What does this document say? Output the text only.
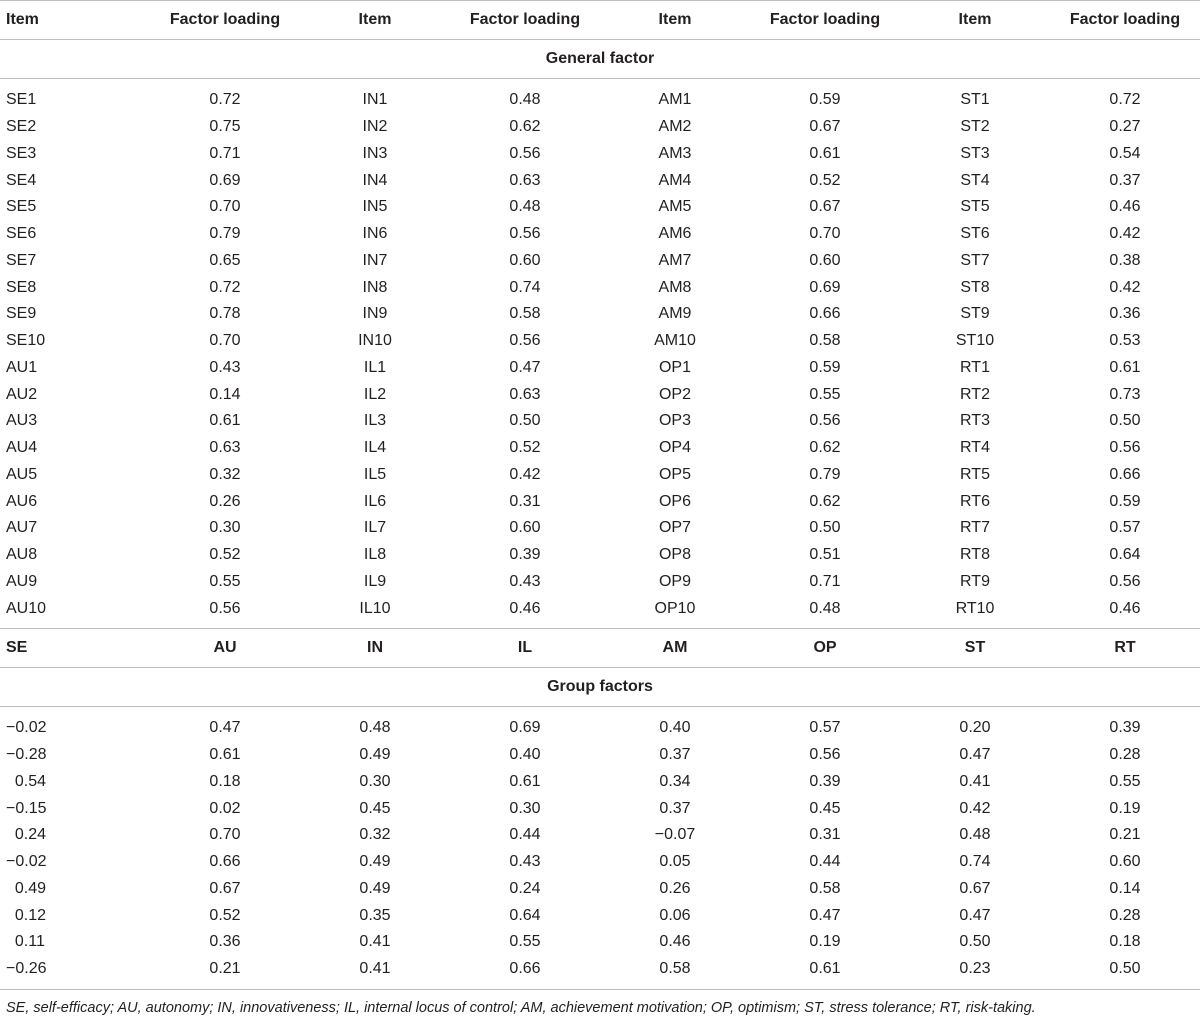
Item	Factor loading	Item	Factor loading	Item	Factor loading	Item	Factor loading
General factor
SE1	0.72	IN1	0.48	AM1	0.59	ST1	0.72
SE2	0.75	IN2	0.62	AM2	0.67	ST2	0.27
SE3	0.71	IN3	0.56	AM3	0.61	ST3	0.54
SE4	0.69	IN4	0.63	AM4	0.52	ST4	0.37
SE5	0.70	IN5	0.48	AM5	0.67	ST5	0.46
SE6	0.79	IN6	0.56	AM6	0.70	ST6	0.42
SE7	0.65	IN7	0.60	AM7	0.60	ST7	0.38
SE8	0.72	IN8	0.74	AM8	0.69	ST8	0.42
SE9	0.78	IN9	0.58	AM9	0.66	ST9	0.36
SE10	0.70	IN10	0.56	AM10	0.58	ST10	0.53
AU1	0.43	IL1	0.47	OP1	0.59	RT1	0.61
AU2	0.14	IL2	0.63	OP2	0.55	RT2	0.73
AU3	0.61	IL3	0.50	OP3	0.56	RT3	0.50
AU4	0.63	IL4	0.52	OP4	0.62	RT4	0.56
AU5	0.32	IL5	0.42	OP5	0.79	RT5	0.66
AU6	0.26	IL6	0.31	OP6	0.62	RT6	0.59
AU7	0.30	IL7	0.60	OP7	0.50	RT7	0.57
AU8	0.52	IL8	0.39	OP8	0.51	RT8	0.64
AU9	0.55	IL9	0.43	OP9	0.71	RT9	0.56
AU10	0.56	IL10	0.46	OP10	0.48	RT10	0.46
SE	AU	IN	IL	AM	OP	ST	RT
Group factors
−0.02	0.47	0.48	0.69	0.40	0.57	0.20	0.39
−0.28	0.61	0.49	0.40	0.37	0.56	0.47	0.28
0.54	0.18	0.30	0.61	0.34	0.39	0.41	0.55
−0.15	0.02	0.45	0.30	0.37	0.45	0.42	0.19
0.24	0.70	0.32	0.44	−0.07	0.31	0.48	0.21
−0.02	0.66	0.49	0.43	0.05	0.44	0.74	0.60
0.49	0.67	0.49	0.24	0.26	0.58	0.67	0.14
0.12	0.52	0.35	0.64	0.06	0.47	0.47	0.28
0.11	0.36	0.41	0.55	0.46	0.19	0.50	0.18
−0.26	0.21	0.41	0.66	0.58	0.61	0.23	0.50
SE, self-efficacy; AU, autonomy; IN, innovativeness; IL, internal locus of control; AM, achievement motivation; OP, optimism; ST, stress tolerance; RT, risk-taking.
